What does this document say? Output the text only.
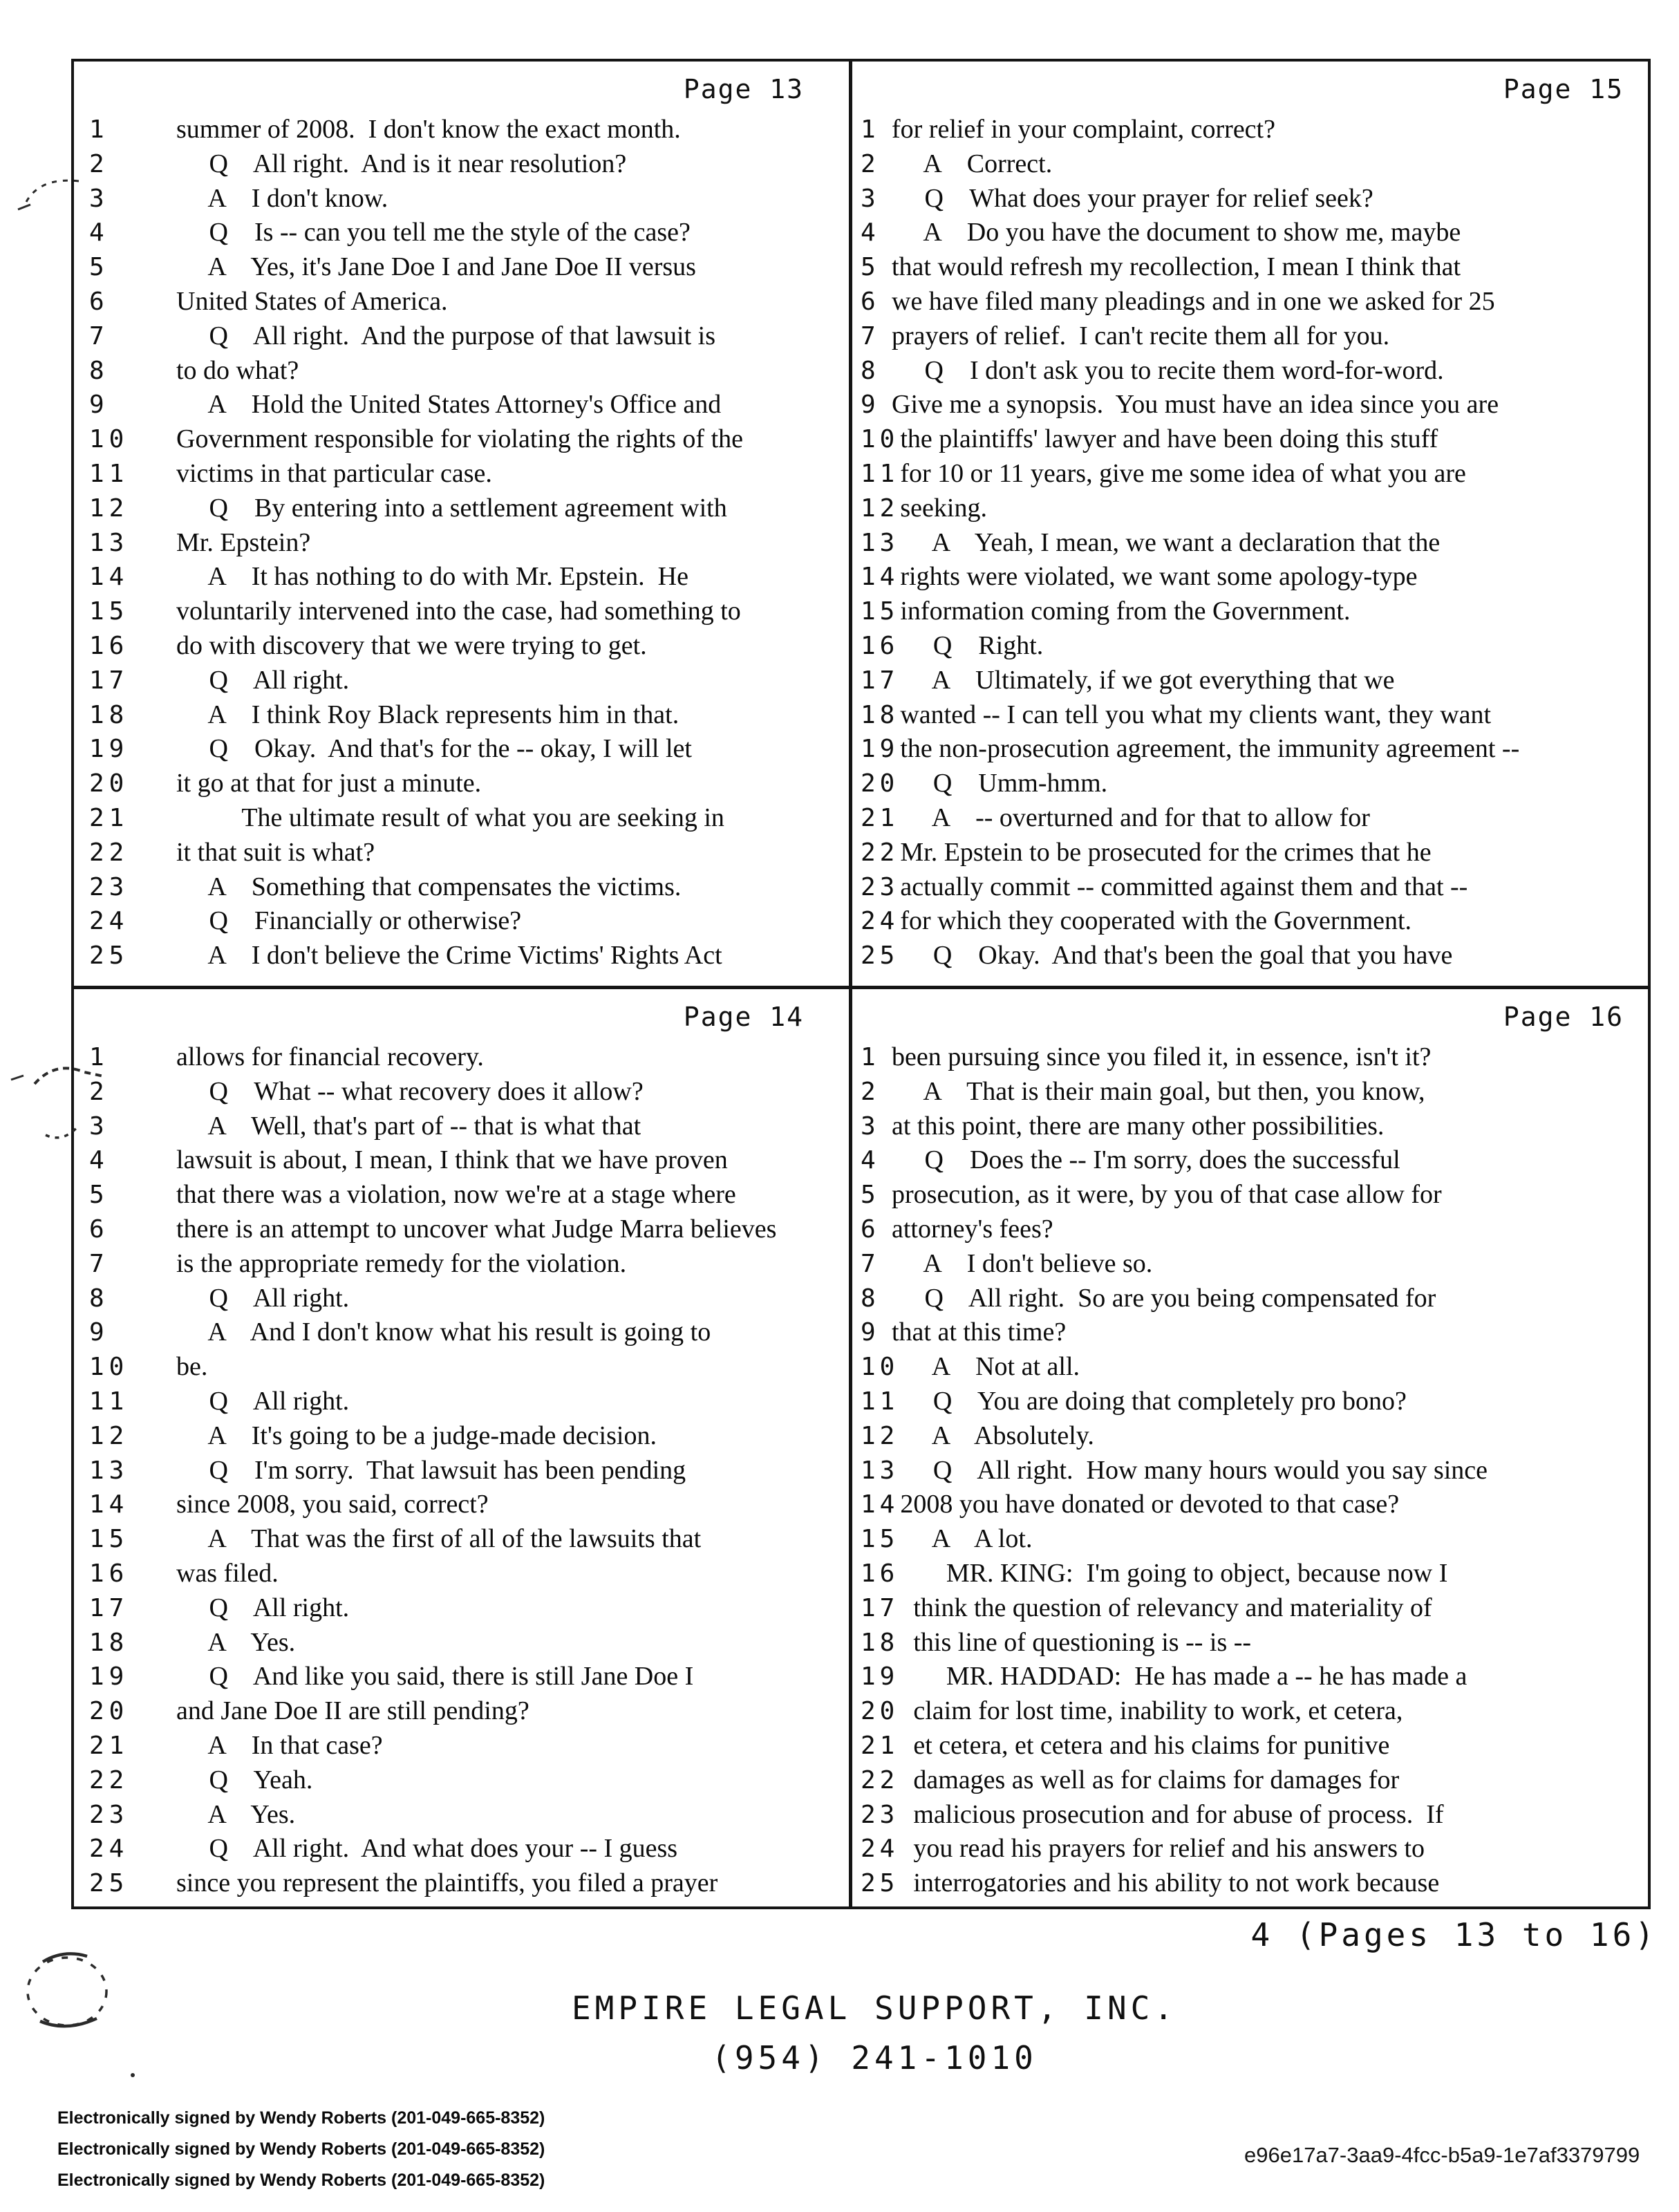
Page 13
1	summer of 2008.  I don't know the exact month.
2	Q    All right.  And is it near resolution?
3	A    I don't know.
4	Q    Is -- can you tell me the style of the case?
5	A    Yes, it's Jane Doe I and Jane Doe II versus
6	United States of America.
7	Q    All right.  And the purpose of that lawsuit is
8	to do what?
9	A    Hold the United States Attorney's Office and
10	Government responsible for violating the rights of the
11	victims in that particular case.
12	Q    By entering into a settlement agreement with
13	Mr. Epstein?
14	A    It has nothing to do with Mr. Epstein.  He
15	voluntarily intervened into the case, had something to
16	do with discovery that we were trying to get.
17	Q    All right.
18	A    I think Roy Black represents him in that.
19	Q    Okay.  And that's for the -- okay, I will let
20	it go at that for just a minute.
21	The ultimate result of what you are seeking in
22	it that suit is what?
23	A    Something that compensates the victims.
24	Q    Financially or otherwise?
25	A    I don't believe the Crime Victims' Rights Act
Page 15
1 for relief in your complaint, correct?
2 A    Correct.
3 Q    What does your prayer for relief seek?
4 A    Do you have the document to show me, maybe
5 that would refresh my recollection, I mean I think that
6 we have filed many pleadings and in one we asked for 25
7 prayers of relief.  I can't recite them all for you.
8 Q    I don't ask you to recite them word-for-word.
9 Give me a synopsis.  You must have an idea since you are
10 the plaintiffs' lawyer and have been doing this stuff
11 for 10 or 11 years, give me some idea of what you are
12 seeking.
13 A    Yeah, I mean, we want a declaration that the
14 rights were violated, we want some apology-type
15 information coming from the Government.
16 Q    Right.
17 A    Ultimately, if we got everything that we
18 wanted -- I can tell you what my clients want, they want
19 the non-prosecution agreement, the immunity agreement --
20 Q    Umm-hmm.
21 A    -- overturned and for that to allow for
22 Mr. Epstein to be prosecuted for the crimes that he
23 actually commit -- committed against them and that --
24 for which they cooperated with the Government.
25 Q    Okay.  And that's been the goal that you have
Page 14
1	allows for financial recovery.
2	Q    What -- what recovery does it allow?
3	A    Well, that's part of -- that is what that
4	lawsuit is about, I mean, I think that we have proven
5	that there was a violation, now we're at a stage where
6	there is an attempt to uncover what Judge Marra believes
7	is the appropriate remedy for the violation.
8	Q    All right.
9	A    And I don't know what his result is going to
10	be.
11	Q    All right.
12	A    It's going to be a judge-made decision.
13	Q    I'm sorry.  That lawsuit has been pending
14	since 2008, you said, correct?
15	A    That was the first of all of the lawsuits that
16	was filed.
17	Q    All right.
18	A    Yes.
19	Q    And like you said, there is still Jane Doe I
20	and Jane Doe II are still pending?
21	A    In that case?
22	Q    Yeah.
23	A    Yes.
24	Q    All right.  And what does your -- I guess
25	since you represent the plaintiffs, you filed a prayer
Page 16
1 been pursuing since you filed it, in essence, isn't it?
2 A    That is their main goal, but then, you know,
3 at this point, there are many other possibilities.
4 Q    Does the -- I'm sorry, does the successful
5 prosecution, as it were, by you of that case allow for
6 attorney's fees?
7 A    I don't believe so.
8 Q    All right.  So are you being compensated for
9 that at this time?
10 A    Not at all.
11 Q    You are doing that completely pro bono?
12 A    Absolutely.
13 Q    All right.  How many hours would you say since
14 2008 you have donated or devoted to that case?
15 A    A lot.
16 MR. KING:  I'm going to object, because now I
17 think the question of relevancy and materiality of
18 this line of questioning is -- is --
19 MR. HADDAD:  He has made a -- he has made a
20 claim for lost time, inability to work, et cetera,
21 et cetera, et cetera and his claims for punitive
22 damages as well as for claims for damages for
23 malicious prosecution and for abuse of process.  If
24 you read his prayers for relief and his answers to
25 interrogatories and his ability to not work because
4 (Pages 13 to 16)
EMPIRE LEGAL SUPPORT, INC.
(954) 241-1010
Electronically signed by Wendy Roberts (201-049-665-8352)
Electronically signed by Wendy Roberts (201-049-665-8352)
Electronically signed by Wendy Roberts (201-049-665-8352)
e96e17a7-3aa9-4fcc-b5a9-1e7af3379799
